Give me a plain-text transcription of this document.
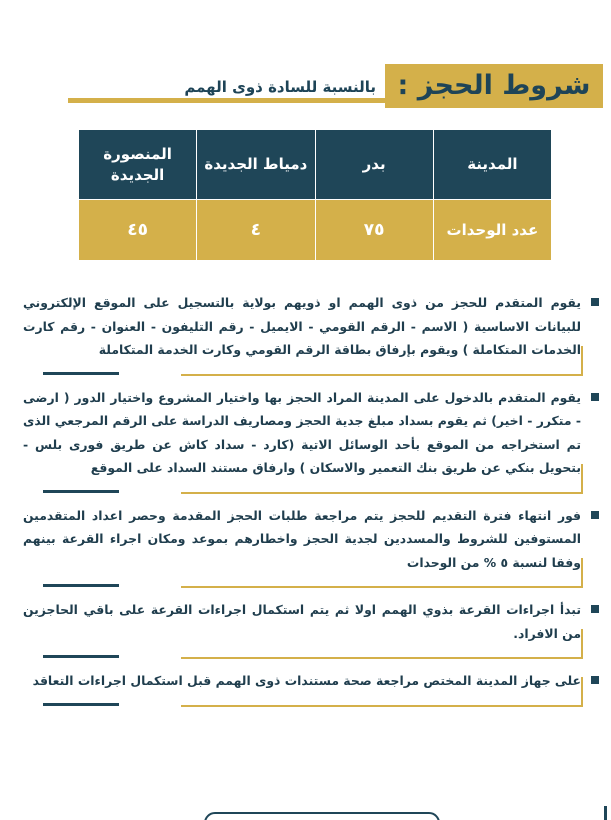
شروط الحجز :
بالنسبة للسادة ذوى الهمم
المدينة	بدر	دمياط الجديدة	المنصورة الجديدة
عدد الوحدات	٧٥	٤	٤٥
يقوم المتقدم للحجز من ذوى الهمم او ذويهم بولاية بالتسجيل على الموقع الإلكتروني للبيانات الاساسية ( الاسم - الرقم القومي - الايميل - رقم التليفون - العنوان - رقم كارت الخدمات المتكاملة ) ويقوم بإرفاق بطاقة الرقم القومي وكارت الخدمة المتكاملة
يقوم المتقدم بالدخول على المدينة المراد الحجز بها واختيار المشروع واختيار الدور ( ارضى - متكرر - اخير) ثم يقوم بسداد مبلغ جدية الحجز ومصاريف الدراسة على الرقم المرجعي الذى تم استخراجه من الموقع بأحد الوسائل الاتية (كارد - سداد كاش عن طريق فورى بلس - بتحويل بنكي عن طريق بنك التعمير والاسكان ) وارفاق مستند السداد على الموقع
فور انتهاء فترة التقديم للحجز يتم مراجعة طلبات الحجز المقدمة وحصر اعداد المتقدمين المستوفين للشروط والمسددين لجدية الحجز واخطارهم بموعد ومكان اجراء القرعة بينهم وفقا لنسبة ٥ % من الوحدات
تبدأ اجراءات القرعة بذوي الهمم اولا ثم يتم استكمال اجراءات القرعة على باقي الحاجزين من الافراد.
على جهاز المدينة المختص مراجعة صحة مستندات ذوى الهمم قبل استكمال اجراءات التعاقد
